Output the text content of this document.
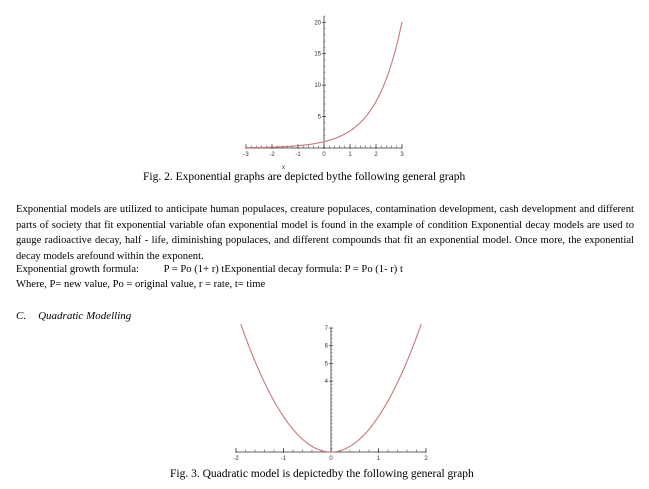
-3	-2	-1	0	1	2	3
5
10
15
20
x
Fig. 2. Exponential graphs are depicted bythe following general graph
Exponential models are utilized to anticipate human populaces, creature populaces, contamination development, cash development and different parts of society that fit exponential variable ofan exponential model is found in the example of condition Exponential decay models are used to gauge radioactive decay, half - life, diminishing populaces, and different compounds that fit an exponential model. Once more, the exponential decay models arefound within the exponent.
Exponential growth formula: P = Po (1+ r) tExponential decay formula: P = Po (1- r) t
Where, P= new value, Po = original value, r = rate, t= time
C. Quadratic Modelling
-2	-1	0	1	2
4
5
6
7
Fig. 3. Quadratic model is depictedby the following general graph
